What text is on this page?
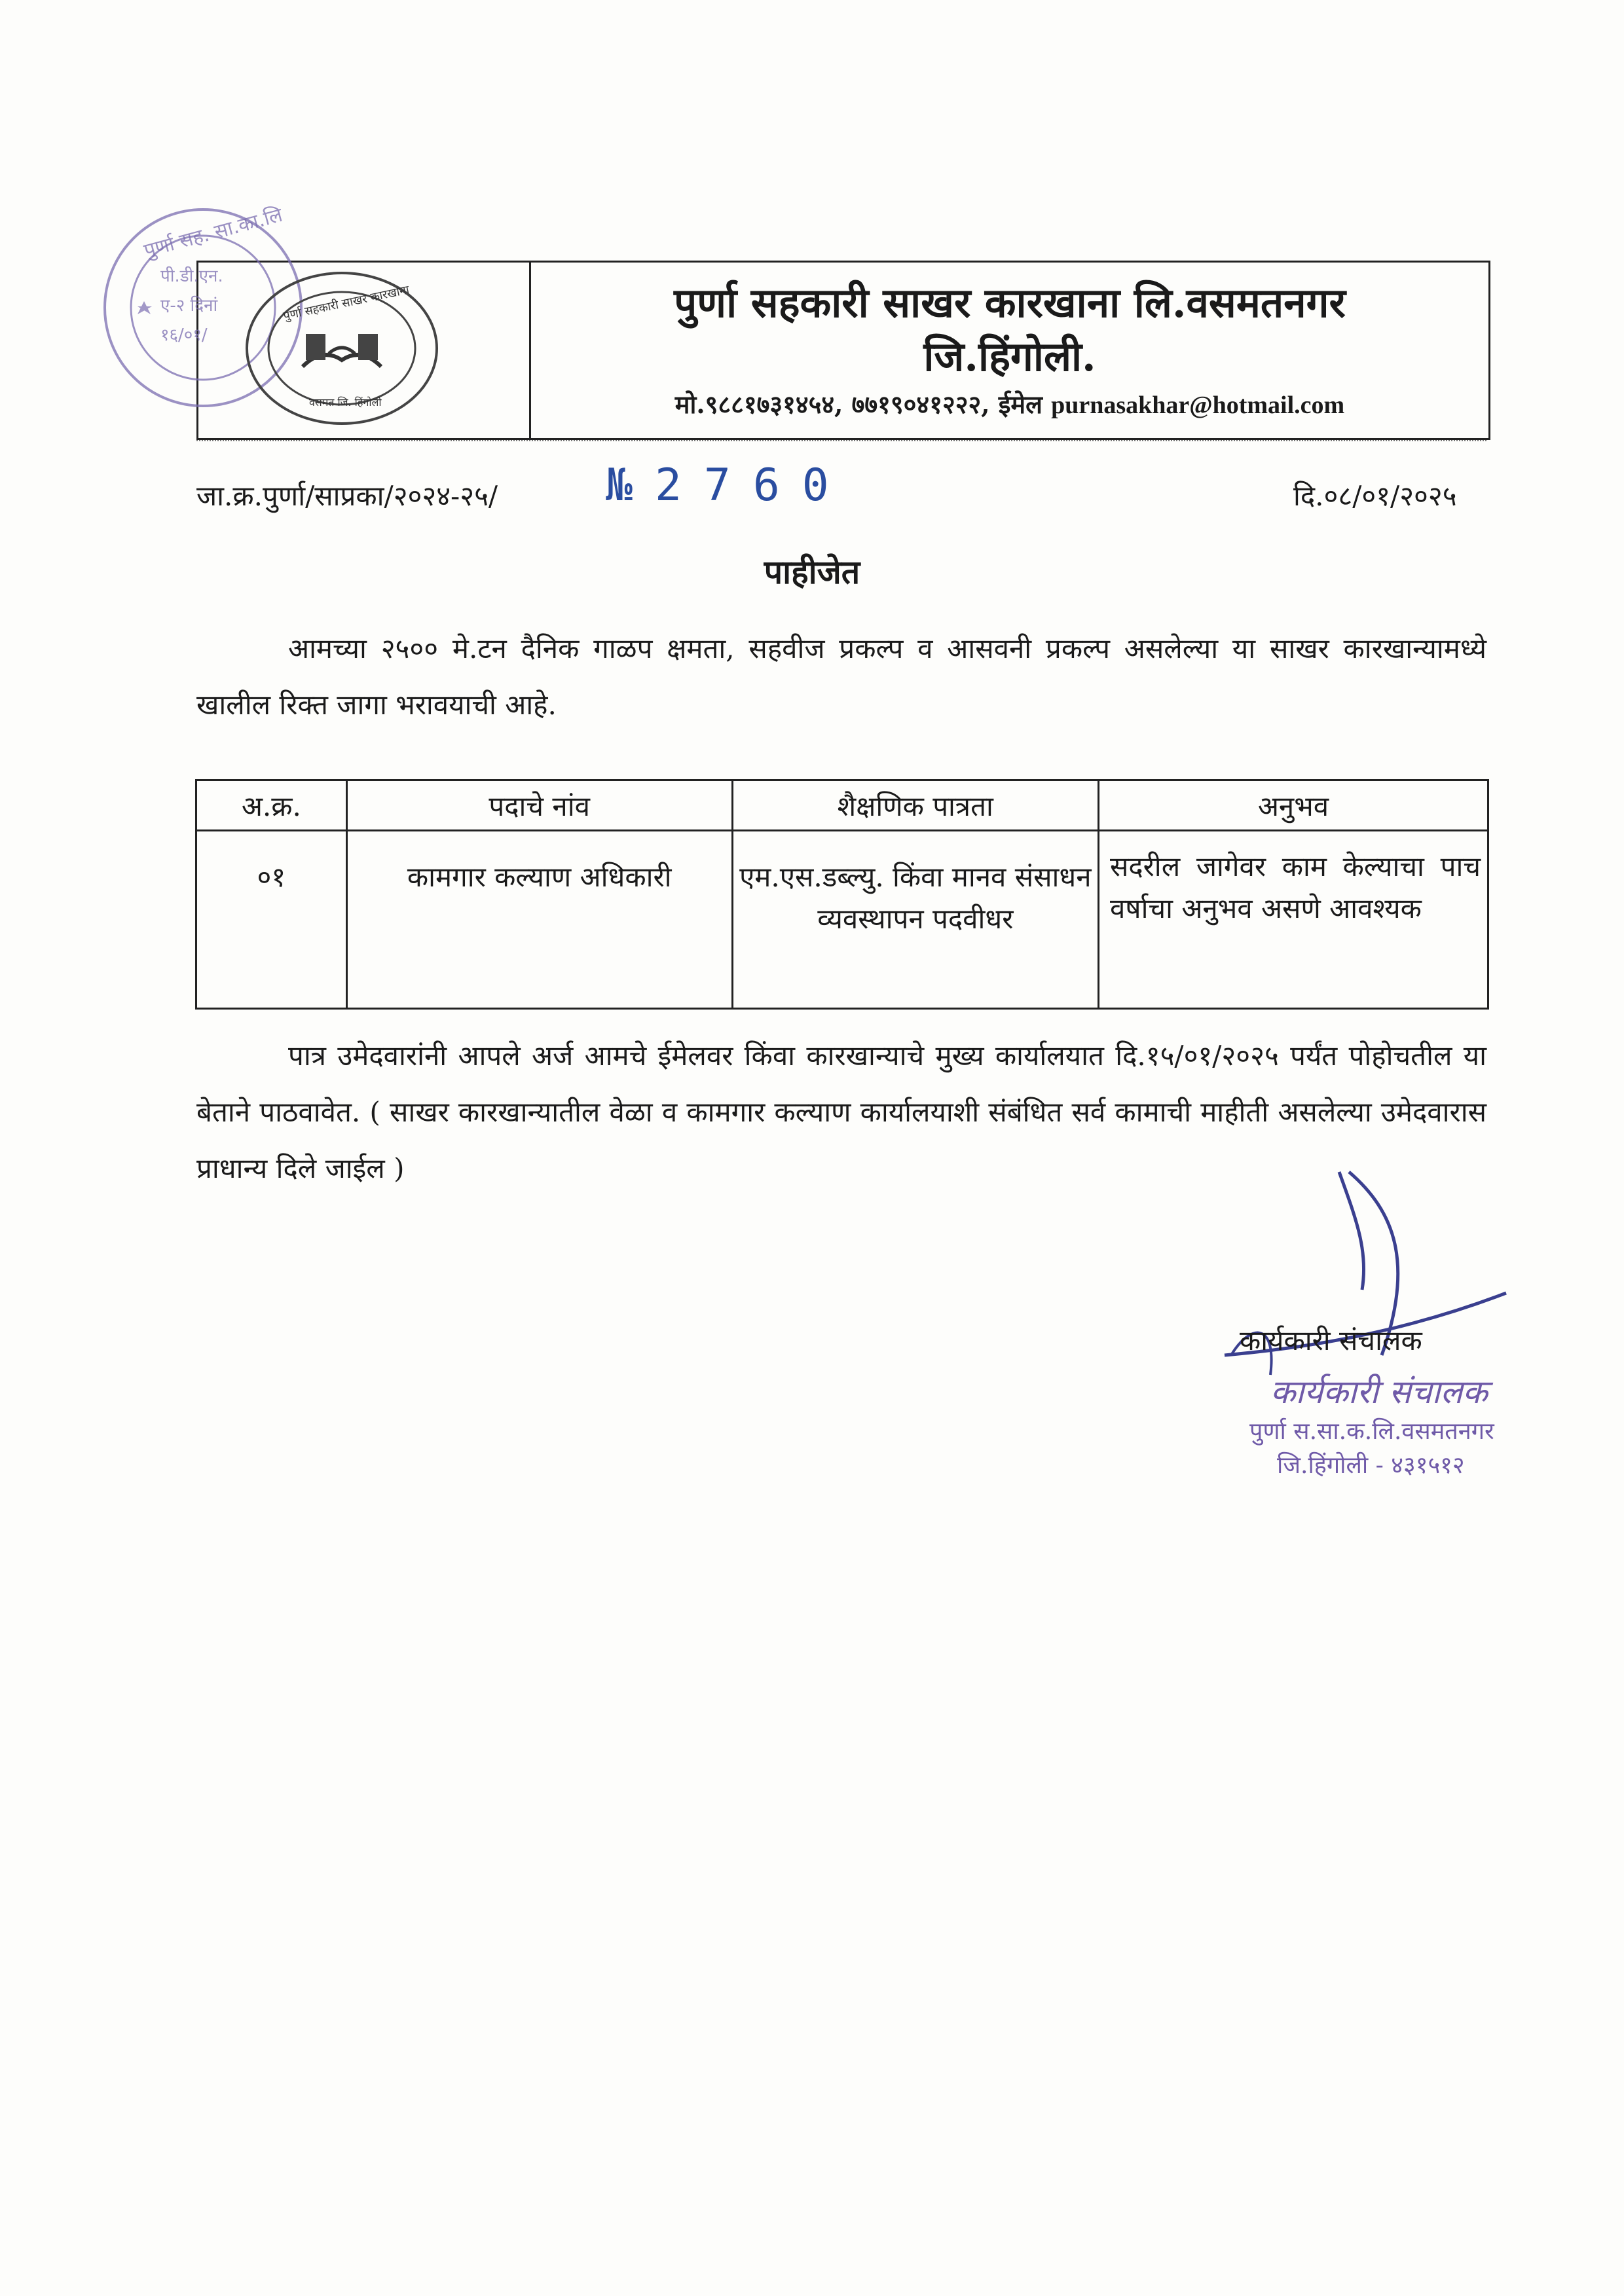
पुर्णा सहकारी साखर कारखाना लि.वसमतनगर
जि.हिंगोली.
मो.९८८१७३१४५४, ७७१९०४१२२२, ईमेल purnasakhar@hotmail.com
पी.डी.एन.
ए-२ दिनां
१६/०१/
पुर्णा सह. सा.का.लि
पुर्णा सहकारी साखर कारखाना
वसमत जि. हिंगोली
जा.क्र.पुर्णा/साप्रका/२०२४-२५/ №2760	दि.०८/०१/२०२५
पाहीजेत
आमच्या २५०० मे.टन दैनिक गाळप क्षमता, सहवीज प्रकल्प व आसवनी प्रकल्प असलेल्या या साखर कारखान्यामध्ये खालील रिक्त जागा भरावयाची आहे.
अ.क्र.	पदाचे नांव	शैक्षणिक पात्रता	अनुभव
०१	कामगार कल्याण अधिकारी	एम.एस.डब्ल्यु. किंवा मानव संसाधन व्यवस्थापन पदवीधर	सदरील जागेवर काम केल्याचा पाच वर्षाचा अनुभव असणे आवश्यक
पात्र उमेदवारांनी आपले अर्ज आमचे ईमेलवर किंवा कारखान्याचे मुख्य कार्यालयात दि.१५/०१/२०२५ पर्यंत पोहोचतील या बेताने पाठवावेत. ( साखर कारखान्यातील वेळा व कामगार कल्याण कार्यालयाशी संबंधित सर्व कामाची माहीती असलेल्या उमेदवारास प्राधान्य दिले जाईल )
कार्यकारी संचालक
कार्यकारी संचालक
पुर्णा स.सा.क.लि.वसमतनगर
जि.हिंगोली - ४३१५१२
